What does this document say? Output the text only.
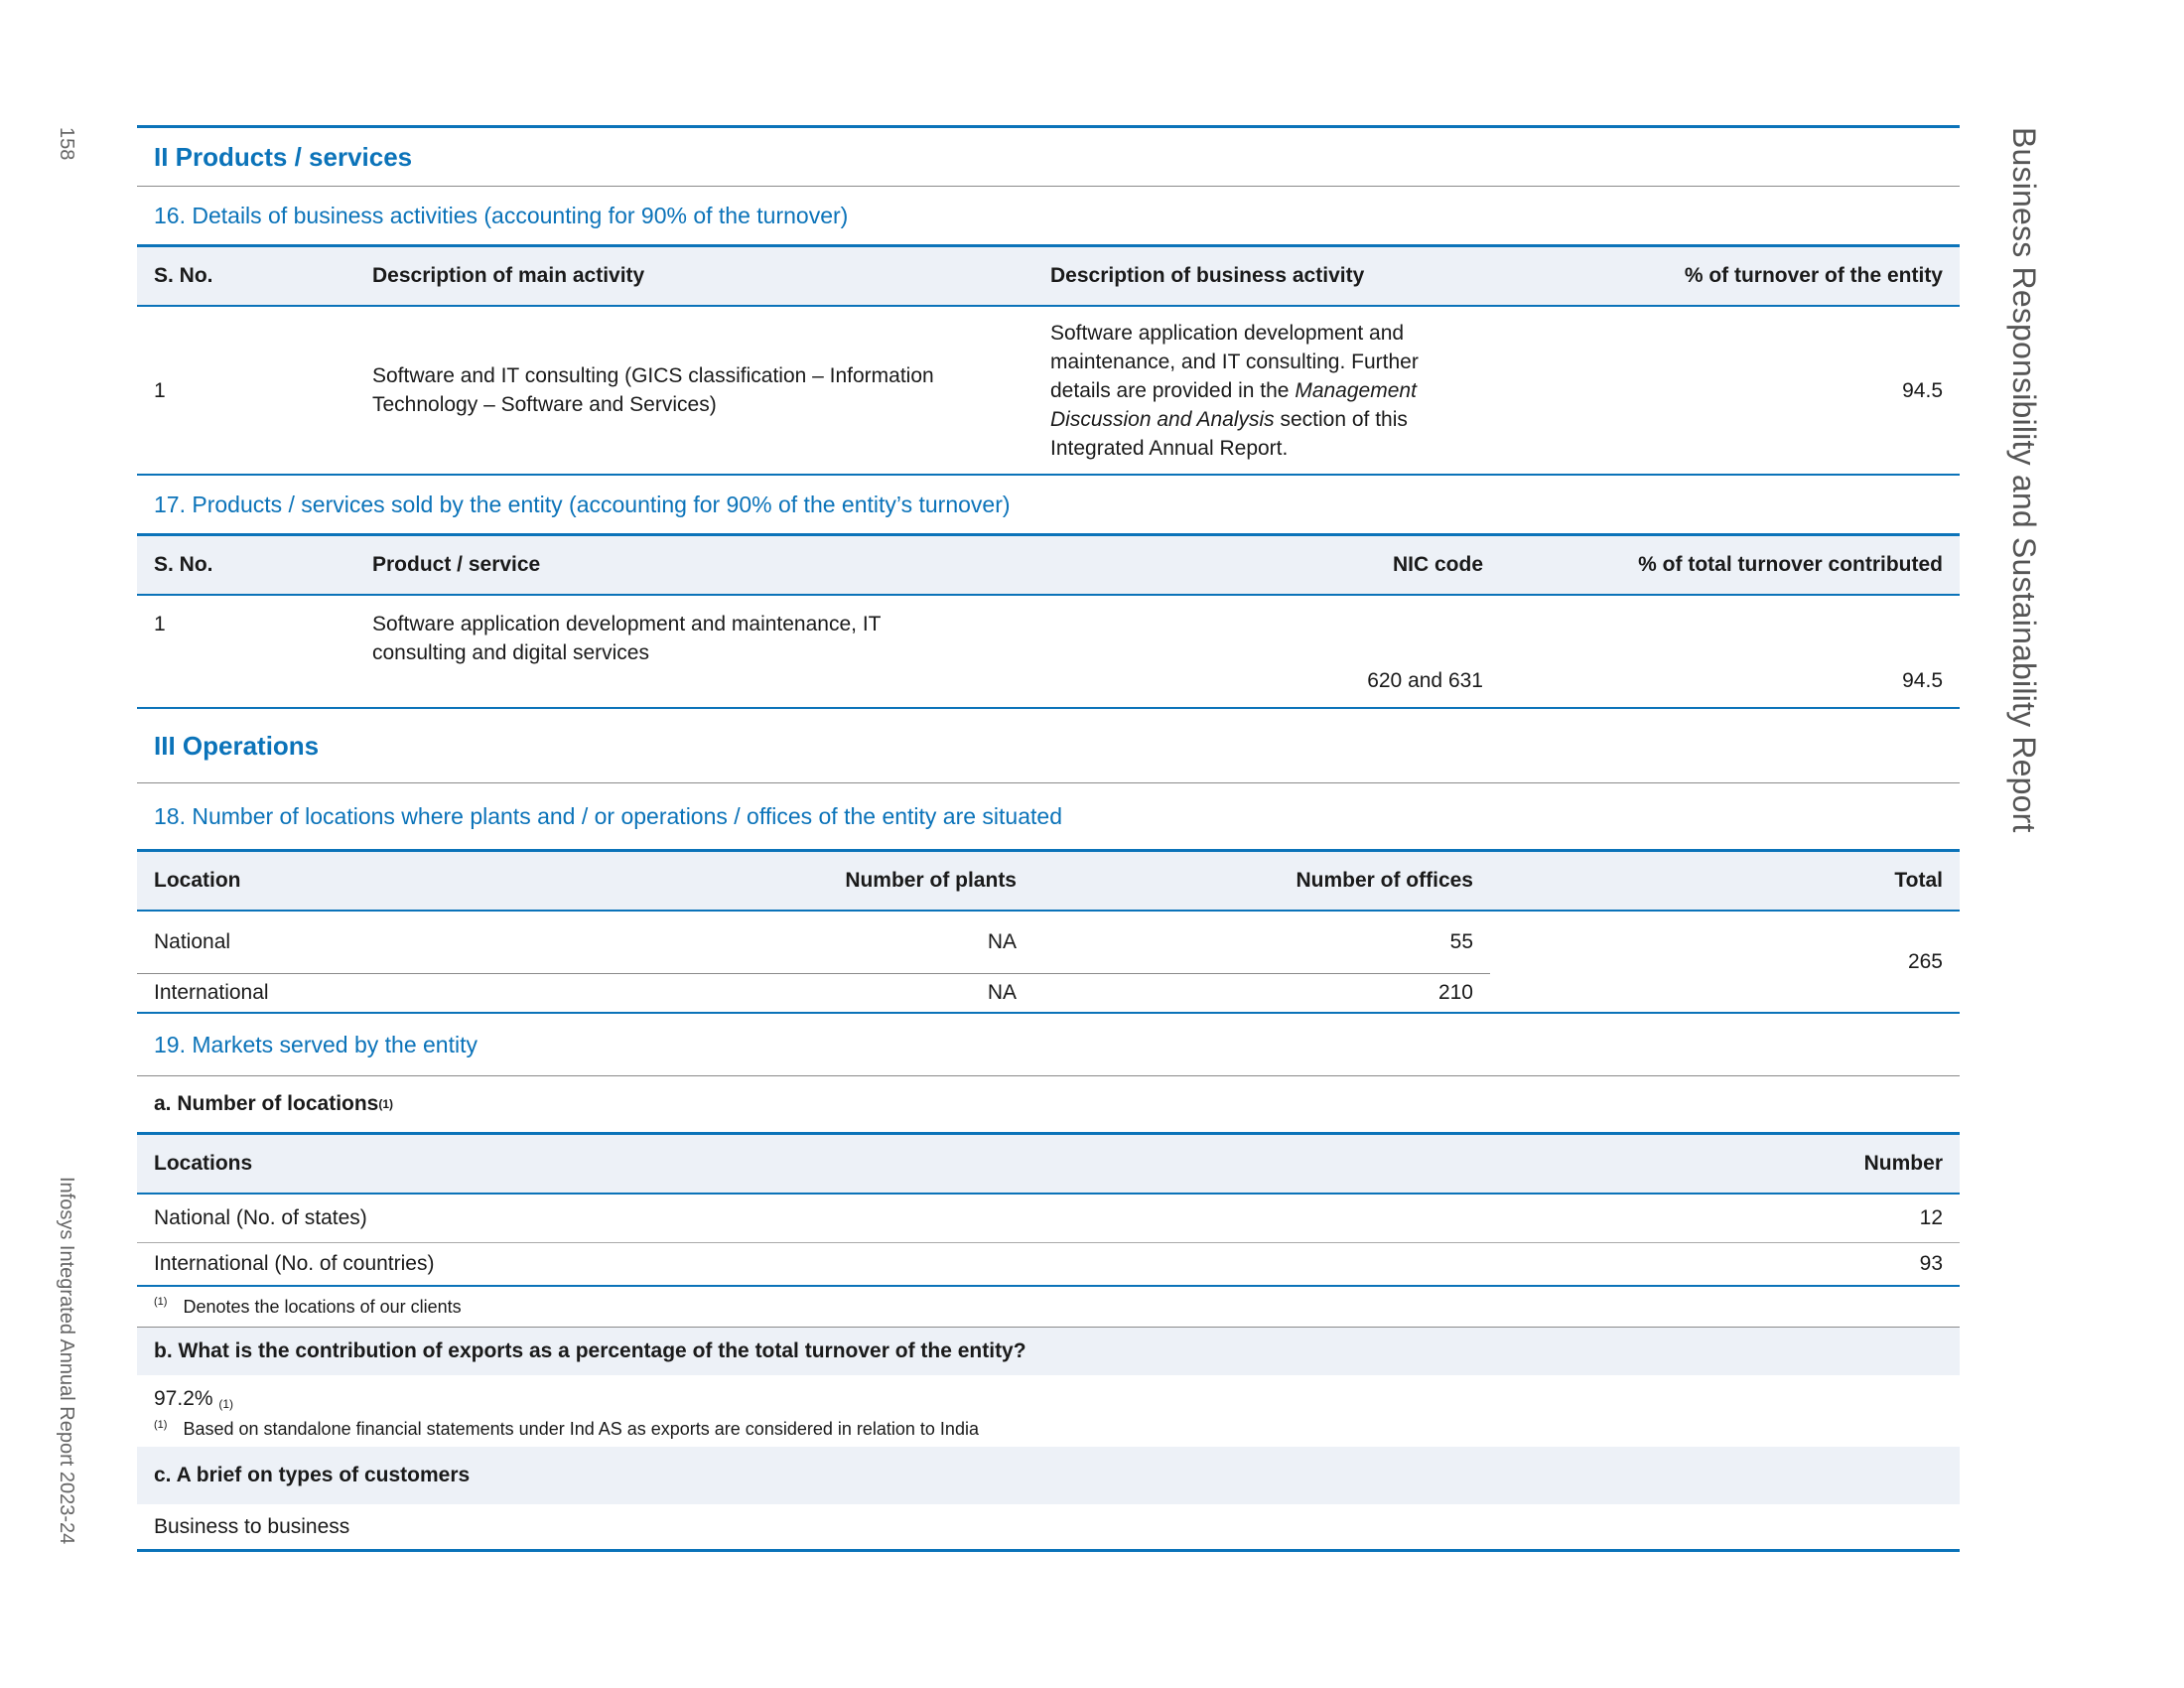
158	Business Responsibility and Sustainability Report
Infosys Integrated Annual Report 2023-24
II Products / services
16. Details of business activities (accounting for 90% of the turnover)
S. No.	Description of main activity	Description of business activity	% of turnover of the entity
1	Software and IT consulting (GICS classification – Information Technology – Software and Services)	Software application development and maintenance, and IT consulting. Further details are provided in the Management Discussion and Analysis section of this Integrated Annual Report.	94.5
17. Products / services sold by the entity (accounting for 90% of the entity’s turnover)
S. No.	Product / service	NIC code	% of total turnover contributed
1	Software application development and maintenance, IT consulting and digital services	620 and 631	94.5
III Operations
18. Number of locations where plants and / or operations / offices of the entity are situated
Location	Number of plants	Number of offices	Total
National	NA	55	265
International	NA	210	
19. Markets served by the entity
a. Number of locations (1)
Locations	Number
National (No. of states)	12
International (No. of countries)	93
(1) Denotes the locations of our clients
b. What is the contribution of exports as a percentage of the total turnover of the entity?
97.2%
$_{(1)}$
(1) Based on standalone financial statements under Ind AS as exports are considered in relation to India
c. A brief on types of customers
Business to business
